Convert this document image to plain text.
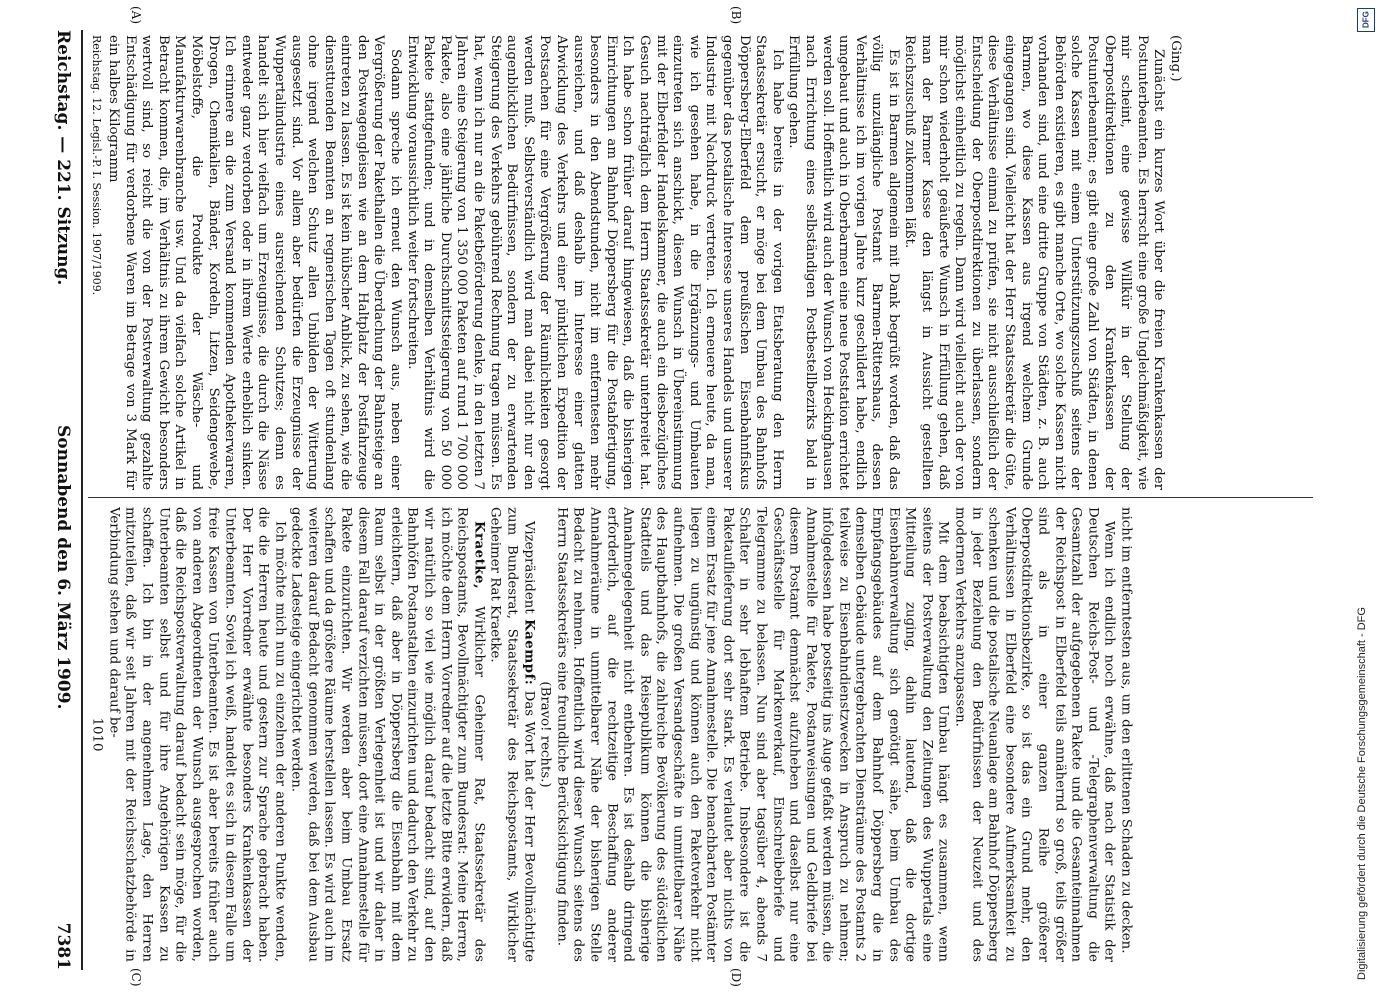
Reichstag. — 221. Sitzung.
Sonnabend den 6. März 1909.
7381
(A)	(B)
(C)	(D)

(Ging.)

Zunächst ein kurzes Wort über die freien Krankenkassen der Postunterbeamten. Es herrscht eine große Ungleichmäßigkeit, wie mir scheint, eine gewisse Willkür in der Stellung der Oberpostdirektionen zu den Krankenkassen der Postunterbeamten; es gibt eine große Zahl von Städten, in denen solche Kassen mit einem Unterstützungszuschuß seitens der Behörden existieren, es gibt manche Orte, wo solche Kassen nicht vorhanden sind, und eine dritte Gruppe von Städten, z. B. auch Barmen, wo diese Kassen aus irgend welchem Grunde eingegangen sind. Vielleicht hat der Herr Staatssekretär die Güte, diese Verhältnisse einmal zu prüfen, sie nicht ausschließlich der Entscheidung der Oberpostdirektionen zu überlassen, sondern möglichst einheitlich zu regeln. Dann wird vielleicht auch der von mir schon wiederholt geäußerte Wunsch in Erfüllung gehen, daß man der Barmer Kasse den längst in Aussicht gestellten Reichszuschuß zukommen läßt.

Es ist in Barmen allgemein mit Dank begrüßt worden, daß das völlig unzulängliche Postamt Barmen-Rittershaus, dessen Verhältnisse ich im vorigen Jahre kurz geschildert habe, endlich umgebaut und auch in Oberbarmen eine neue Poststation errichtet werden soll. Hoffentlich wird auch der Wunsch von Heckinghausen nach Errichtung eines selbständigen Postbestellbezirks bald in Erfüllung gehen.

Ich habe bereits in der vorigen Etatsberatung den Herrn Staatssekretär ersucht, er möge bei dem Umbau des Bahnhofs Döppersberg-Elberfeld dem preußischen Eisenbahnfiskus gegenüber das postalische Interesse unseres Handels und unserer Industrie mit Nachdruck vertreten. Ich erneuere heute, da man, wie ich gesehen habe, in die Ergänzungs- und Umbauten einzutreten sich anschickt, diesen Wunsch in Übereinstimmung mit der Elberfelder Handelskammer, die auch ein diesbezügliches Gesuch nachträglich dem Herrn Staatssekretär unterbreitet hat. Ich habe schon früher darauf hingewiesen, daß die bisherigen Einrichtungen am Bahnhof Döppersberg für die Postabfertigung, besonders in den Abendstunden, nicht im entferntesten mehr ausreichen, und daß deshalb im Interesse einer glatten Abwicklung des Verkehrs und einer pünktlichen Expedition der Postsachen für eine Vergrößerung der Räumlichkeiten gesorgt werden muß. Selbstverständlich wird man dabei nicht nur den augenblicklichen Bedürfnissen, sondern der zu erwartenden Steigerung des Verkehrs gebührend Rechnung tragen müssen. Es hat, wenn ich nur an die Paketbeförderung denke, in den letzten 7 Jahren eine Steigerung von 1 350 000 Paketen auf rund 1 700 000 Pakete, also eine jährliche Durchschnittssteigerung von 50 000 Pakete stattgefunden; und in demselben Verhältnis wird die Entwicklung voraussichtlich weiter fortschreiten.

Sodann spreche ich erneut den Wunsch aus, neben einer Vergrößerung der Pakethallen die Überdachung der Bahnsteige an den Postwagengleisen wie an dem Haltplatz der Postfahrzeuge eintreten zu lassen. Es ist kein hübscher Anblick, zu sehen, wie die diensttuenden Beamten an regnerischen Tagen oft stundenlang ohne irgend welchen Schutz allen Unbilden der Witterung ausgesetzt sind. Vor allem aber bedürfen die Erzeugnisse der Wuppertalindustrie eines ausreichenden Schutzes; denn es handelt sich hier vielfach um Erzeugnisse, die durch die Nässe entweder ganz verdorben oder in ihrem Werte erheblich sinken. Ich erinnere an die zum Versand kommenden Apothekerwaren, Drogen, Chemikalien, Bänder, Kordeln, Litzen, Seidengewebe, Möbelstoffe, die Produkte der Wäsche- und Manufakturwarenbranche usw. Und da vielfach solche Artikel in Betracht kommen, die, im Verhältnis zu ihrem Gewicht besonders wertvoll sind, so reicht die von der Postverwaltung gezahlte Entschädigung für verdorbene Waren im Betrage von 3 Mark für ein halbes Kilogramm

Reichstag. 12. Legisl.-P. I. Session. 1907/1909.

nicht im entferntesten aus, um den erlittenen Schaden zu decken.

Wenn ich endlich noch erwähne, daß nach der Statistik der Deutschen Reichs-Post- und -Telegraphenverwaltung die Gesamtzahl der aufgegebenen Pakete und die Gesamteinnahmen der Reichspost in Elberfeld teils annähernd so groß, teils größer sind als in einer ganzen Reihe größerer Oberpostdirektionsbezirke, so ist das ein Grund mehr, den Verhältnissen in Elberfeld eine besondere Aufmerksamkeit zu schenken und die postalische Neuanlage am Bahnhof Döppersberg in jeder Beziehung den Bedürfnissen der Neuzeit und des modernen Verkehrs anzupassen.

Mit dem beabsichtigten Umbau hängt es zusammen, wenn seitens der Postverwaltung den Zeitungen des Wuppertals eine Mitteilung zuging, dahin lautend, daß die dortige Eisenbahnverwaltung sich genötigt sähe, beim Umbau des Empfangsgebäudes auf dem Bahnhof Döppersberg die in demselben Gebäude untergebrachten Diensträume des Postamts 2 teilweise zu Eisenbahndienstzwecken in Anspruch zu nehmen; infolgedessen habe postseitig ins Auge gefaßt werden müssen, die Annahmestelle für Pakete, Postanweisungen und Geldbriefe bei diesem Postamt demnächst aufzuheben und daselbst nur eine Geschäftsstelle für Markenverkauf, Einschreibebriefe und Telegramme zu belassen. Nun sind aber tagsüber 4, abends 7 Schalter in sehr lebhaftem Betriebe. Insbesondere ist die Paketauflieferung dort sehr stark. Es verlautet aber nichts von einem Ersatz für jene Annahmestelle. Die benachbarten Postämter liegen zu ungünstig und können auch den Paketverkehr nicht aufnehmen. Die großen Versandgeschäfte in unmittelbarer Nähe des Hauptbahnhofs, die zahlreiche Bevölkerung des südöstlichen Stadtteils und das Reisepublikum können die bisherige Annahmegelegenheit nicht entbehren. Es ist deshalb dringend erforderlich, auf die rechtzeitige Beschaffung anderer Annahmeräume in unmittelbarer Nähe der bisherigen Stelle Bedacht zu nehmen. Hoffentlich wird dieser Wunsch seitens des Herrn Staatssekretärs eine freundliche Berücksichtigung finden.

(Bravo! rechts.)

Vizepräsident Kaempf: Das Wort hat der Herr Bevollmächtigte zum Bundesrat, Staatssekretär des Reichspostamts, Wirklicher Geheimer Rat Kraetke.

Kraetke, Wirklicher Geheimer Rat, Staatssekretär des Reichspostamts, Bevollmächtigter zum Bundesrat: Meine Herren, ich möchte dem Herrn Vorredner auf die letzte Bitte erwidern, daß wir natürlich so viel wie möglich darauf bedacht sind, auf den Bahnhöfen Postanstalten einzurichten und dadurch den Verkehr zu erleichtern, daß aber in Döppersberg die Eisenbahn mit dem Raum selbst in der größten Verlegenheit ist und wir daher in diesem Fall darauf verzichten müssen, dort eine Annahmestelle für Pakete einzurichten. Wir werden aber beim Umbau Ersatz schaffen und da größere Räume herstellen lassen. Es wird auch im weiteren darauf Bedacht genommen werden, daß bei dem Ausbau gedeckte Ladesteige eingerichtet werden.

Ich möchte mich nun zu einzelnen der anderen Punkte wenden, die die Herren heute und gestern zur Sprache gebracht haben. Der Herr Vorredner erwähnte besonders Krankenkassen der Unterbeamten. Soviel ich weiß, handelt es sich in diesem Falle um freie Kassen von Unterbeamten. Es ist aber bereits früher auch von anderen Abgeordneten der Wunsch ausgesprochen worden, daß die Reichspostverwaltung darauf bedacht sein möge, für die Unterbeamten selbst und für ihre Angehörigen Kassen zu schaffen. Ich bin in der angenehmen Lage, den Herren mitzuteilen, daß wir seit Jahren mit der Reichsschatzbehörde in Verbindung stehen und darauf be-

1010

DFG
Digitalisierung gefördert durch die Deutsche Forschungsgemeinschaft - DFG
